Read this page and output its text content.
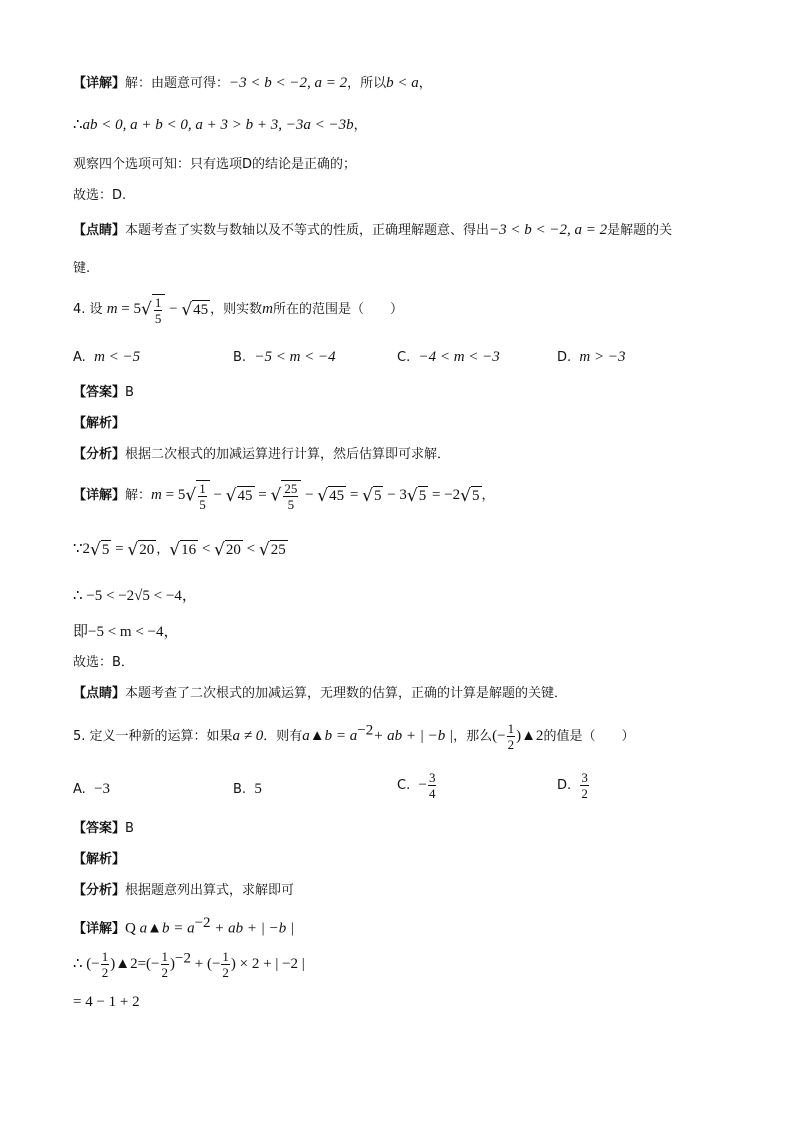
【详解】解：由题意可得：−3 < b < −2, a = 2，所以b < a，
∴ab < 0, a + b < 0, a + 3 > b + 3, −3a < −3b，
观察四个选项可知：只有选项D的结论是正确的；
故选：D.
【点睛】本题考查了实数与数轴以及不等式的性质，正确理解题意、得出−3 < b < −2, a = 2是解题的关
键.
4. 设 $m = 5√ \frac{1}{5} - √45$ ，则实数m所在的范围是（　　）
A. m < −5	B. −5 < m < −4	C. −4 < m < −3	D. m > −3
【答案】B
【解析】
【分析】根据二次根式的加减运算进行计算，然后估算即可求解．
【详解】解：$m = 5√ \frac{1}{5} - √45$ = √ $\frac{25}{5} - √45 = √5 - 3√5 = -2√5$ ，
∵2√5 = √20 ，√16 < √20 < √25
∴ −5 < −2√5 < −4，
即−5 < m < −4，
故选：B．
【点睛】本题考查了二次根式的加减运算，无理数的估算，正确的计算是解题的关键．
5. 定义一种新的运算：如果a ≠ 0．则有a▲b = $a^{-2}+$ ab + | −b |，那么(− $\frac{1}{2}$ )▲2的值是（　　）
A. −3	B. 5	C. − $\frac{3}{4}$	D. $\frac{3}{2}$
【答案】B
【解析】
【分析】根据题意列出算式，求解即可
【详解】Q a▲b = $a^{-2}$ + ab + | −b |
∴ (− $\frac{1}{2}$ )▲2=(− $\frac{1}{2} )^{-2}$ + (− $\frac{1}{2}$ ) × 2 + | −2 |
= 4 − 1 + 2
